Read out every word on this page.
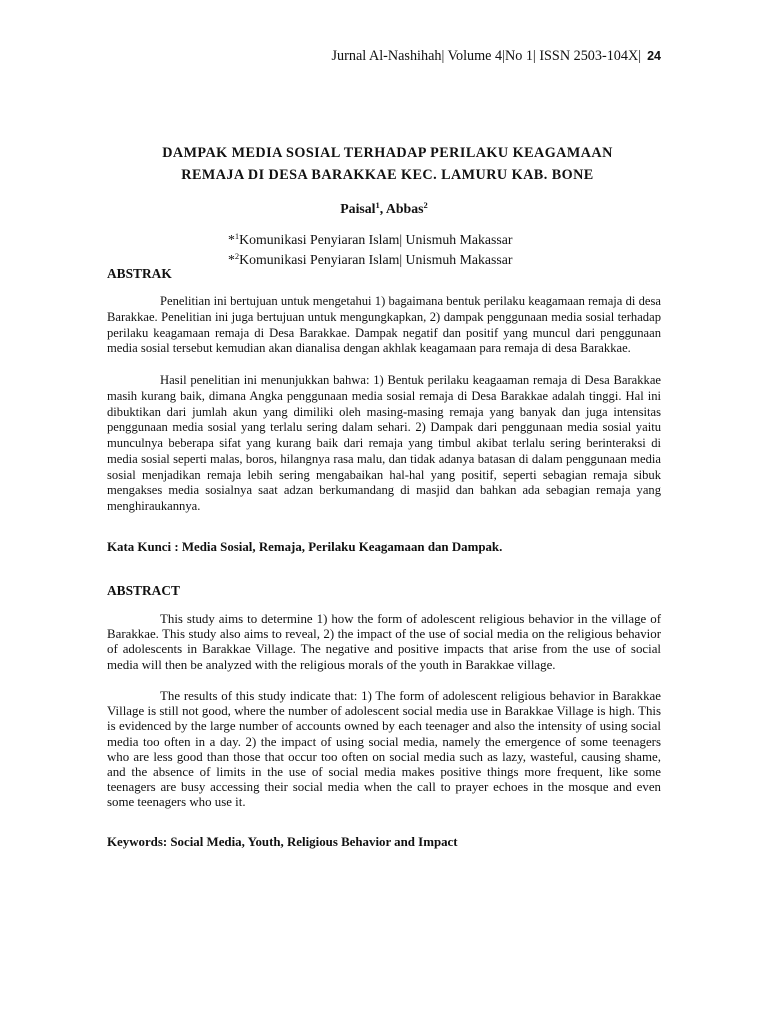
Jurnal Al-Nashihah| Volume 4|No 1| ISSN 2503-104X| 24
DAMPAK MEDIA SOSIAL TERHADAP PERILAKU KEAGAMAAN
REMAJA DI DESA BARAKKAE KEC. LAMURU KAB. BONE
Paisal$^1$, Abbas$^2$
*$^1$Komunikasi Penyiaran Islam| Unismuh Makassar
*$^2$Komunikasi Penyiaran Islam| Unismuh Makassar
ABSTRAK

Penelitian ini bertujuan untuk mengetahui 1) bagaimana bentuk perilaku keagamaan remaja di desa Barakkae. Penelitian ini juga bertujuan untuk mengungkapkan, 2) dampak penggunaan media sosial terhadap perilaku keagamaan remaja di Desa Barakkae. Dampak negatif dan positif yang muncul dari penggunaan media sosial tersebut kemudian akan dianalisa dengan akhlak keagamaan para remaja di desa Barakkae.

Hasil penelitian ini menunjukkan bahwa: 1) Bentuk perilaku keagaaman remaja di Desa Barakkae masih kurang baik, dimana Angka penggunaan media sosial remaja di Desa Barakkae adalah tinggi. Hal ini dibuktikan dari jumlah akun yang dimiliki oleh masing-masing remaja yang banyak dan juga intensitas penggunaan media sosial yang terlalu sering dalam sehari. 2) Dampak dari penggunaan media sosial yaitu munculnya beberapa sifat yang kurang baik dari remaja yang timbul akibat terlalu sering berinteraksi di media sosial seperti malas, boros, hilangnya rasa malu, dan tidak adanya batasan di dalam penggunaan media sosial menjadikan remaja lebih sering mengabaikan hal-hal yang positif, seperti sebagian remaja sibuk mengakses media sosialnya saat adzan berkumandang di masjid dan bahkan ada sebagian remaja yang menghiraukannya.

Kata Kunci : Media Sosial, Remaja, Perilaku Keagamaan dan Dampak.
ABSTRACT

This study aims to determine 1) how the form of adolescent religious behavior in the village of Barakkae. This study also aims to reveal, 2) the impact of the use of social media on the religious behavior of adolescents in Barakkae Village. The negative and positive impacts that arise from the use of social media will then be analyzed with the religious morals of the youth in Barakkae village.

The results of this study indicate that: 1) The form of adolescent religious behavior in Barakkae Village is still not good, where the number of adolescent social media use in Barakkae Village is high. This is evidenced by the large number of accounts owned by each teenager and also the intensity of using social media too often in a day. 2) the impact of using social media, namely the emergence of some teenagers who are less good than those that occur too often on social media such as lazy, wasteful, causing shame, and the absence of limits in the use of social media makes positive things more frequent, like some teenagers are busy accessing their social media when the call to prayer echoes in the mosque and even some teenagers who use it.

Keywords: Social Media, Youth, Religious Behavior and Impact
